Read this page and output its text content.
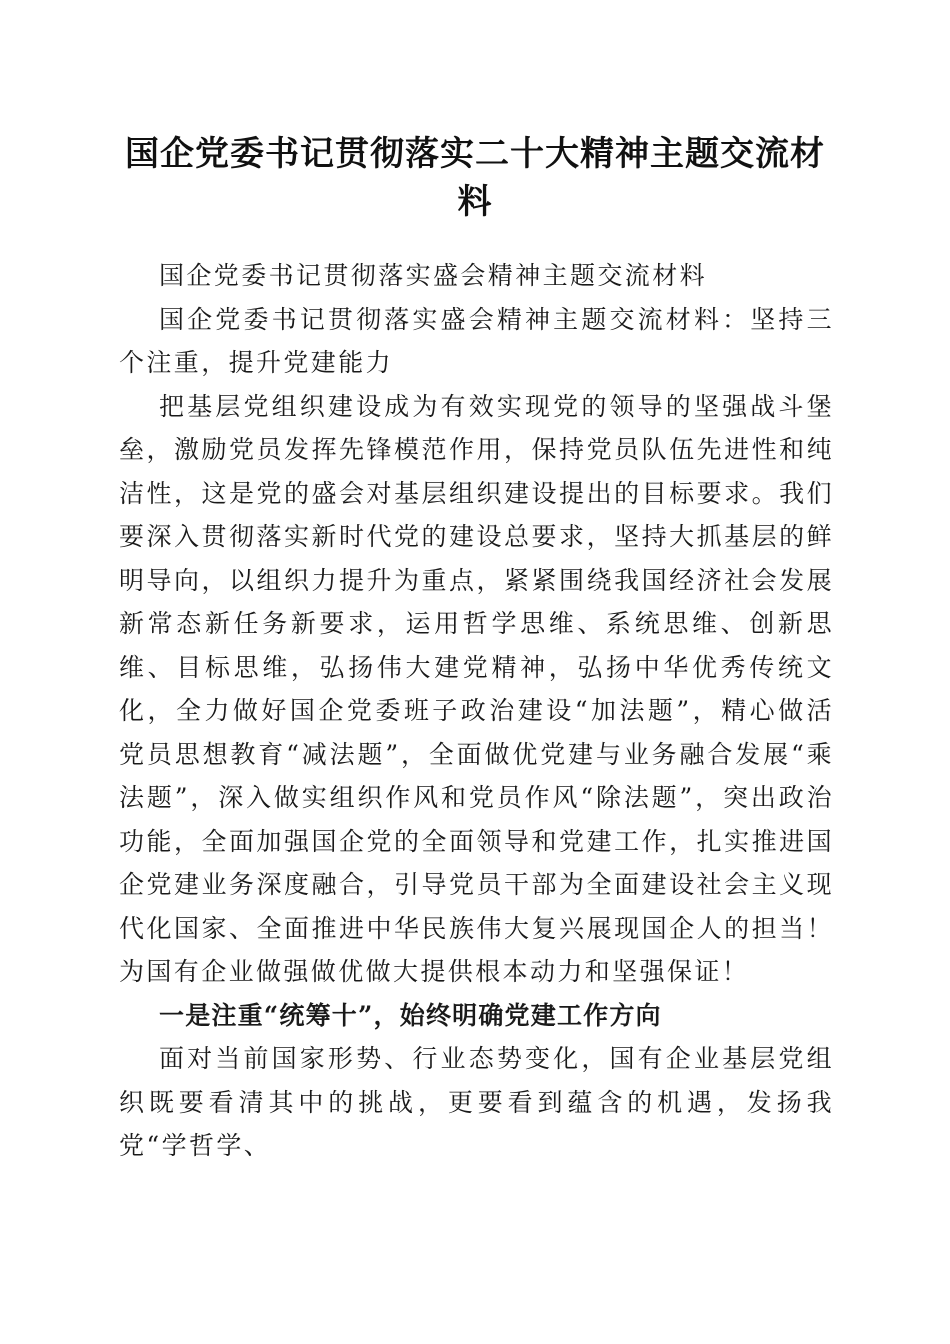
国企党委书记贯彻落实二十大精神主题交流材料

国企党委书记贯彻落实盛会精神主题交流材料

国企党委书记贯彻落实盛会精神主题交流材料：坚持三个注重，提升党建能力

把基层党组织建设成为有效实现党的领导的坚强战斗堡垒，激励党员发挥先锋模范作用，保持党员队伍先进性和纯洁性，这是党的盛会对基层组织建设提出的目标要求。我们要深入贯彻落实新时代党的建设总要求，坚持大抓基层的鲜明导向，以组织力提升为重点，紧紧围绕我国经济社会发展新常态新任务新要求，运用哲学思维、系统思维、创新思维、目标思维，弘扬伟大建党精神，弘扬中华优秀传统文化，全力做好国企党委班子政治建设“加法题”，精心做活党员思想教育“减法题”，全面做优党建与业务融合发展“乘法题”，深入做实组织作风和党员作风“除法题”，突出政治功能，全面加强国企党的全面领导和党建工作，扎实推进国企党建业务深度融合，引导党员干部为全面建设社会主义现代化国家、全面推进中华民族伟大复兴展现国企人的担当！为国有企业做强做优做大提供根本动力和坚强保证！

一是注重“统筹十”，始终明确党建工作方向

面对当前国家形势、行业态势变化，国有企业基层党组织既要看清其中的挑战，更要看到蕴含的机遇，发扬我党“学哲学、
